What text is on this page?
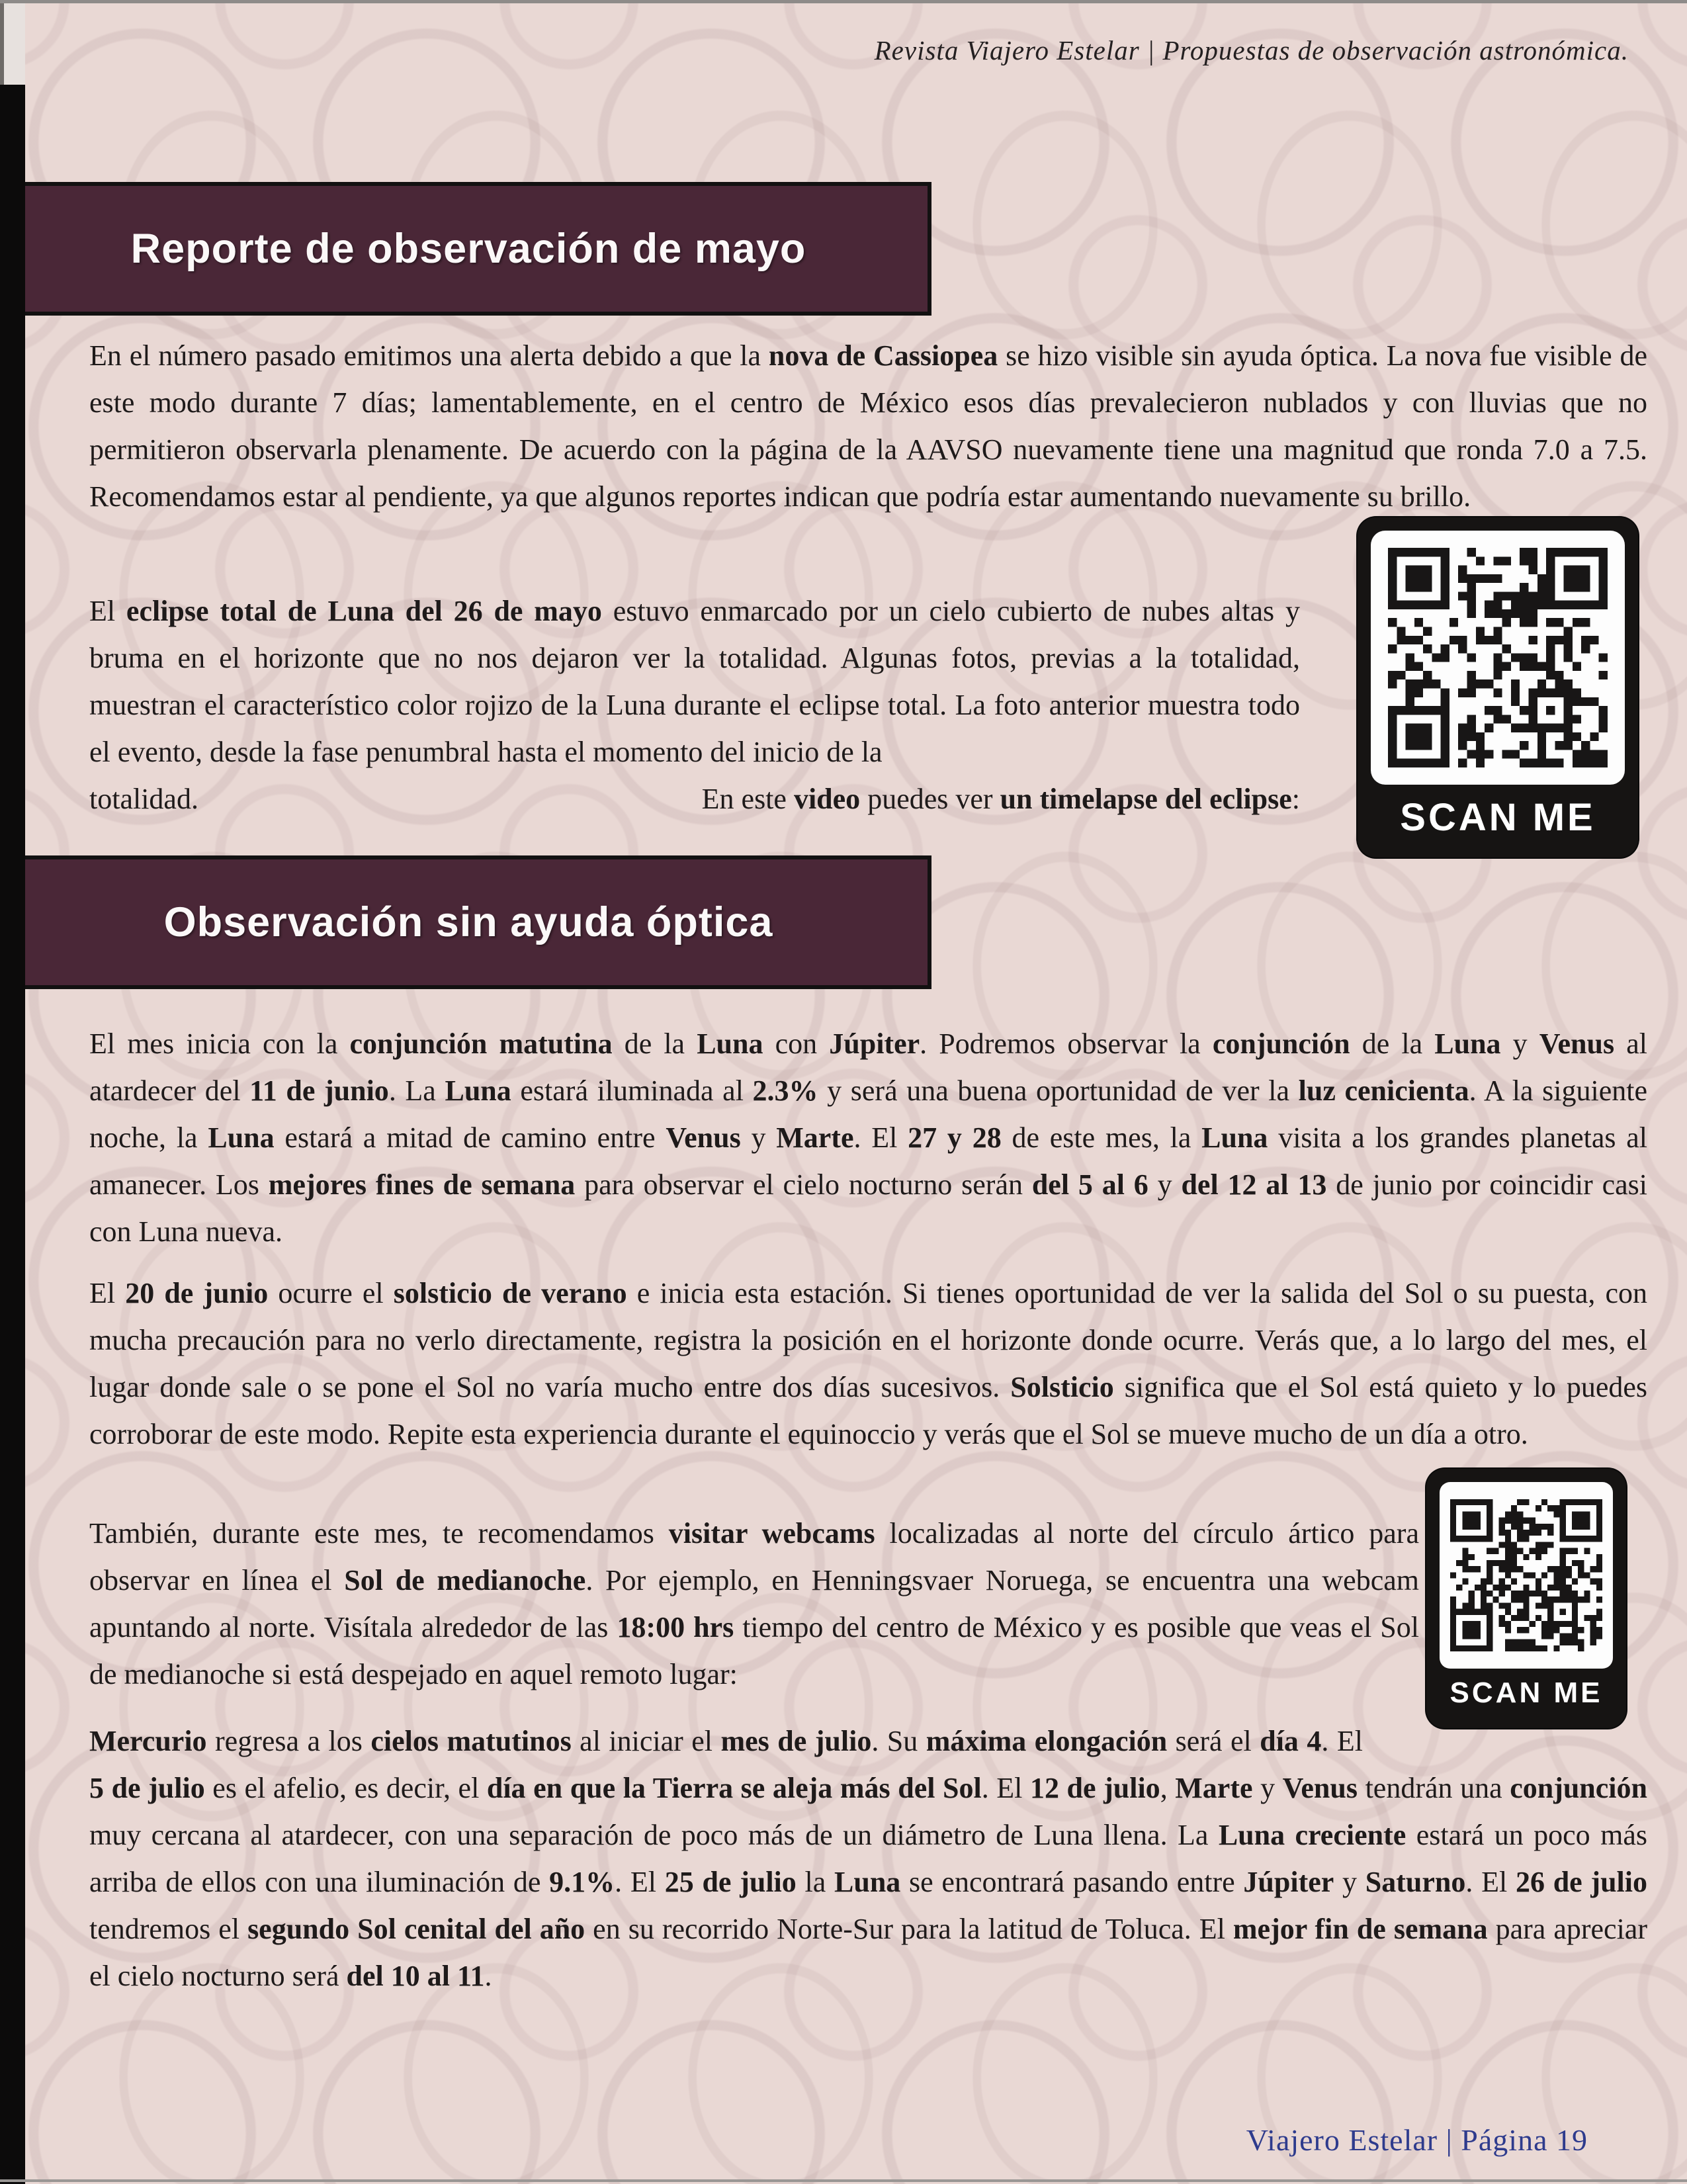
Revista Viajero Estelar | Propuestas de observación astronómica.
Reporte de observación de mayo
En el número pasado emitimos una alerta debido a que la nova de Cassiopea se hizo visible sin ayuda óptica. La nova fue visible de este modo durante 7 días; lamentablemente, en el centro de México esos días prevalecieron nublados y con lluvias que no permitieron observarla plenamente. De acuerdo con la página de la AAVSO nuevamente tiene una magnitud que ronda 7.0 a 7.5. Recomendamos estar al pendiente, ya que algunos reportes indican que podría estar aumentando nuevamente su brillo.
El eclipse total de Luna del 26 de mayo estuvo enmarcado por un cielo cubierto de nubes altas y bruma en el horizonte que no nos dejaron ver la totalidad. Algunas fotos, previas a la totalidad, muestran el característico color rojizo de la Luna durante el eclipse total. La foto anterior muestra todo el evento, desde la fase penumbral hasta el momento del inicio de la
totalidad.	En este video puedes ver un timelapse del eclipse:
Observación sin ayuda óptica
El mes inicia con la conjunción matutina de la Luna con Júpiter. Podremos observar la conjunción de la Luna y Venus al atardecer del 11 de junio. La Luna estará iluminada al 2.3% y será una buena oportunidad de ver la luz cenicienta. A la siguiente noche, la Luna estará a mitad de camino entre Venus y Marte. El 27 y 28 de este mes, la Luna visita a los grandes planetas al amanecer. Los mejores fines de semana para observar el cielo nocturno serán del 5 al 6 y del 12 al 13 de junio por coincidir casi con Luna nueva.
El 20 de junio ocurre el solsticio de verano e inicia esta estación. Si tienes oportunidad de ver la salida del Sol o su puesta, con mucha precaución para no verlo directamente, registra la posición en el horizonte donde ocurre. Verás que, a lo largo del mes, el lugar donde sale o se pone el Sol no varía mucho entre dos días sucesivos. Solsticio significa que el Sol está quieto y lo puedes corroborar de este modo. Repite esta experiencia durante el equinoccio y verás que el Sol se mueve mucho de un día a otro.
También, durante este mes, te recomendamos visitar webcams localizadas al norte del círculo ártico para observar en línea el Sol de medianoche. Por ejemplo, en Henningsvaer Noruega, se encuentra una webcam apuntando al norte. Visítala alrededor de las 18:00 hrs tiempo del centro de México y es posible que veas el Sol de medianoche si está despejado en aquel remoto lugar:
Mercurio regresa a los cielos matutinos al iniciar el mes de julio. Su máxima elongación será el día 4. El 5 de julio es el afelio, es decir, el día en que la Tierra se aleja más del Sol. El 12 de julio, Marte y Venus tendrán una conjunción muy cercana al atardecer, con una separación de poco más de un diámetro de Luna llena. La Luna creciente estará un poco más arriba de ellos con una iluminación de 9.1%. El 25 de julio la Luna se encontrará pasando entre Júpiter y Saturno. El 26 de julio tendremos el segundo Sol cenital del año en su recorrido Norte-Sur para la latitud de Toluca. El mejor fin de semana para apreciar el cielo nocturno será del 10 al 11.
SCAN ME
SCAN ME
Viajero Estelar | Página 19
